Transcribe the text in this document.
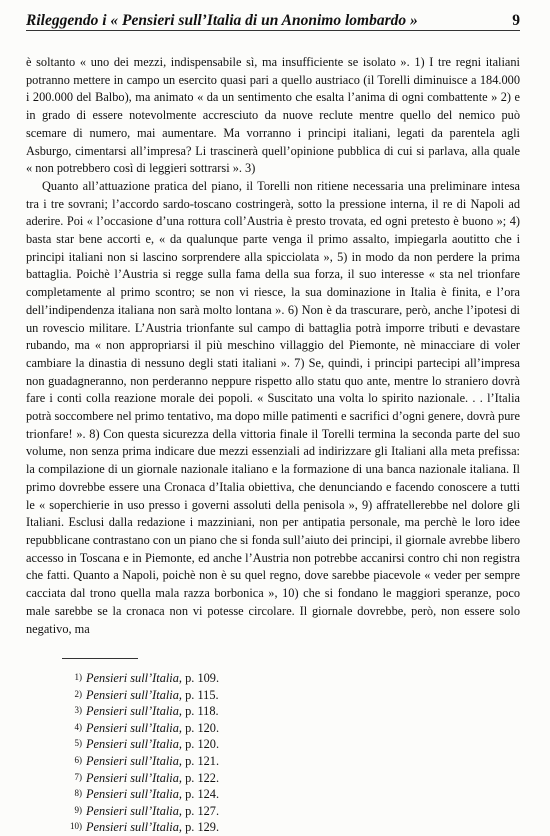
Rileggendo i « Pensieri sull’Italia di un Anonimo lombardo »	9

è soltanto « uno dei mezzi, indispensabile sì, ma insufficiente se isolato ». 1) I tre regni italiani potranno mettere in campo un esercito quasi pari a quello austriaco (il Torelli diminuisce a 184.000 i 200.000 del Balbo), ma animato « da un sentimento che esalta l’anima di ogni combattente » 2) e in grado di essere notevolmente accresciuto da nuove reclute mentre quello del nemico può scemare di numero, mai aumentare. Ma vorranno i principi italiani, legati da parentela agli Asburgo, cimentarsi all’impresa? Li trascinerà quell’opinione pubblica di cui si parlava, alla quale « non potrebbero così di leggieri sottrarsi ». 3)

Quanto all’attuazione pratica del piano, il Torelli non ritiene necessaria una preliminare intesa tra i tre sovrani; l’accordo sardo-toscano costringerà, sotto la pressione interna, il re di Napoli ad aderire. Poi « l’occasione d’una rottura coll’Austria è presto trovata, ed ogni pretesto è buono »; 4) basta star bene accorti e, « da qualunque parte venga il primo assalto, impiegarla aoutitto che i principi italiani non si lascino sorprendere alla spicciolata », 5) in modo da non perdere la prima battaglia. Poichè l’Austria si regge sulla fama della sua forza, il suo interesse « sta nel trionfare completamente al primo scontro; se non vi riesce, la sua dominazione in Italia è finita, e l’ora dell’indipendenza italiana non sarà molto lontana ». 6) Non è da trascurare, però, anche l’ipotesi di un rovescio militare. L’Austria trionfante sul campo di battaglia potrà imporre tributi e devastare rubando, ma « non appropriarsi il più meschino villaggio del Piemonte, nè minacciare di voler cambiare la dinastia di nessuno degli stati italiani ». 7) Se, quindi, i principi partecipi all’impresa non guadagneranno, non perderanno neppure rispetto allo statu quo ante, mentre lo straniero dovrà fare i conti colla reazione morale dei popoli. « Suscitato una volta lo spirito nazionale. . . l’Italia potrà soccombere nel primo tentativo, ma dopo mille patimenti e sacrifici d’ogni genere, dovrà pure trionfare! ». 8) Con questa sicurezza della vittoria finale il Torelli termina la seconda parte del suo volume, non senza prima indicare due mezzi essenziali ad indirizzare gli Italiani alla meta prefissa: la compilazione di un giornale nazionale italiano e la formazione di una banca nazionale italiana. Il primo dovrebbe essere una Cronaca d’Italia obiettiva, che denunciando e facendo conoscere a tutti le « soperchierie in uso presso i governi assoluti della penisola », 9) affratellerebbe nel dolore gli Italiani. Esclusi dalla redazione i mazziniani, non per antipatia personale, ma perchè le loro idee repubblicane contrastano con un piano che si fonda sull’aiuto dei principi, il giornale avrebbe libero accesso in Toscana e in Piemonte, ed anche l’Austria non potrebbe accanirsi contro chi non registra che fatti. Quanto a Napoli, poichè non è su quel regno, dove sarebbe piacevole « veder per sempre cacciata dal trono quella mala razza borbonica », 10) che si fondano le maggiori speranze, poco male sarebbe se la cronaca non vi potesse circolare. Il giornale dovrebbe, però, non essere solo negativo, ma

1) Pensieri sull’Italia, p. 109.
2) Pensieri sull’Italia, p. 115.
3) Pensieri sull’Italia, p. 118.
4) Pensieri sull’Italia, p. 120.
5) Pensieri sull’Italia, p. 120.
6) Pensieri sull’Italia, p. 121.
7) Pensieri sull’Italia, p. 122.
8) Pensieri sull’Italia, p. 124.
9) Pensieri sull’Italia, p. 127.
10) Pensieri sull’Italia, p. 129.
